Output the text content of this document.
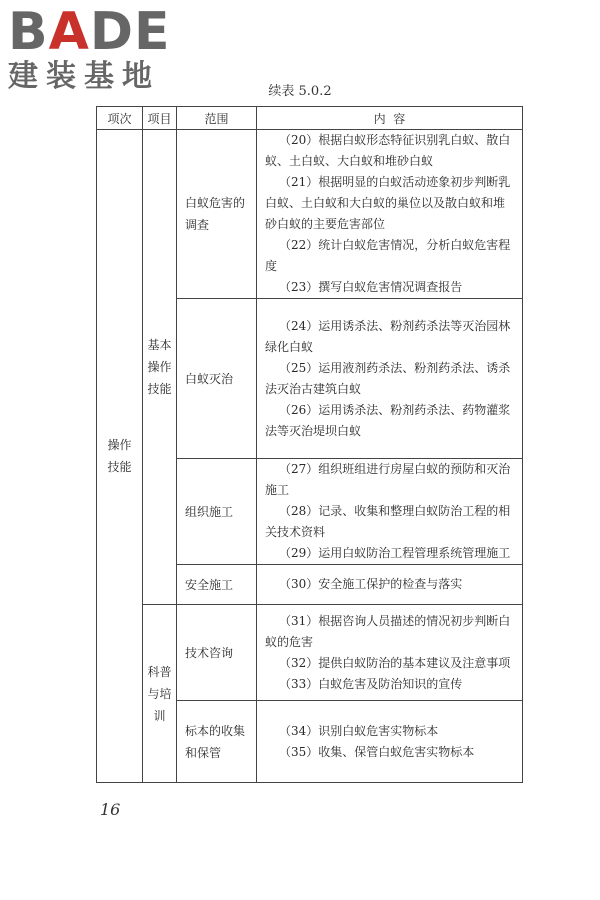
BADE
建装基地	续表 5.0.2
项次	项目	范围	内  容
操作技能	基本操作技能	白蚁危害的调查	（20）根据白蚁形态特征识别乳白蚁、散白蚁、土白蚁、大白蚁和堆砂白蚁
（21）根据明显的白蚁活动迹象初步判断乳白蚁、土白蚁和大白蚁的巢位以及散白蚁和堆砂白蚁的主要危害部位
（22）统计白蚁危害情况，分析白蚁危害程度
（23）撰写白蚁危害情况调查报告

		白蚁灭治	（24）运用诱杀法、粉剂药杀法等灭治园林绿化白蚁
（25）运用液剂药杀法、粉剂药杀法、诱杀法灭治古建筑白蚁
（26）运用诱杀法、粉剂药杀法、药物灌浆法等灭治堤坝白蚁

		组织施工	（27）组织班组进行房屋白蚁的预防和灭治施工
（28）记录、收集和整理白蚁防治工程的相关技术资料
（29）运用白蚁防治工程管理系统管理施工

		安全施工	（30）安全施工保护的检查与落实

	科普与培训	技术咨询	（31）根据咨询人员描述的情况初步判断白蚁的危害
（32）提供白蚁防治的基本建议及注意事项
（33）白蚁危害及防治知识的宣传

		标本的收集和保管	（34）识别白蚁危害实物标本
（35）收集、保管白蚁危害实物标本
16
